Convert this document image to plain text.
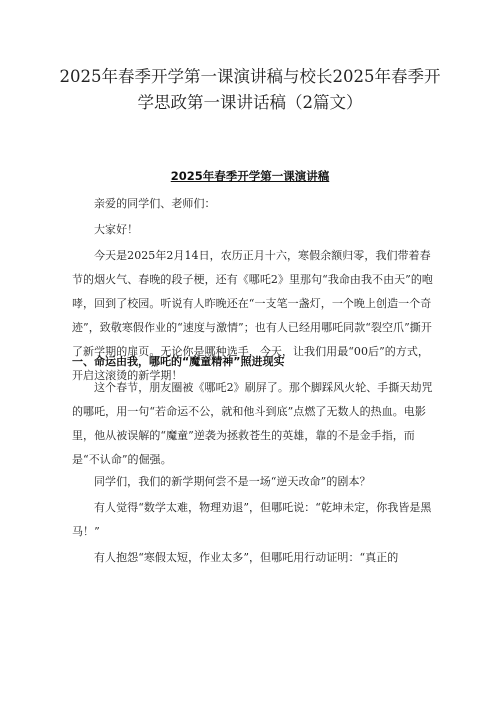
2025年春季开学第一课演讲稿与校长2025年春季开学思政第一课讲话稿（2篇文）
2025年春季开学第一课演讲稿

亲爱的同学们、老师们：

大家好！

今天是2025年2月14日，农历正月十六，寒假余额归零，我们带着春节的烟火气、春晚的段子梗，还有《哪吒2》里那句“我命由我不由天”的咆哮，回到了校园。听说有人昨晚还在“一支笔一盏灯，一个晚上创造一个奇迹”，致敬寒假作业的“速度与激情”；也有人已经用哪吒同款“裂空爪”撕开了新学期的扉页。无论你是哪种选手，今天，让我们用最“00后”的方式，开启这滚烫的新学期！

一、命运由我，哪吒的“魔童精神”照进现实

这个春节，朋友圈被《哪吒2》刷屏了。那个脚踩风火轮、手撕天劫咒的哪吒，用一句“若命运不公，就和他斗到底”点燃了无数人的热血。电影里，他从被误解的“魔童”逆袭为拯救苍生的英雄，靠的不是金手指，而是“不认命”的倔强。

同学们，我们的新学期何尝不是一场“逆天改命”的剧本？

有人觉得“数学太难，物理劝退”，但哪吒说：“乾坤未定，你我皆是黑马！”

有人抱怨“寒假太短，作业太多”，但哪吒用行动证明：“真正的
